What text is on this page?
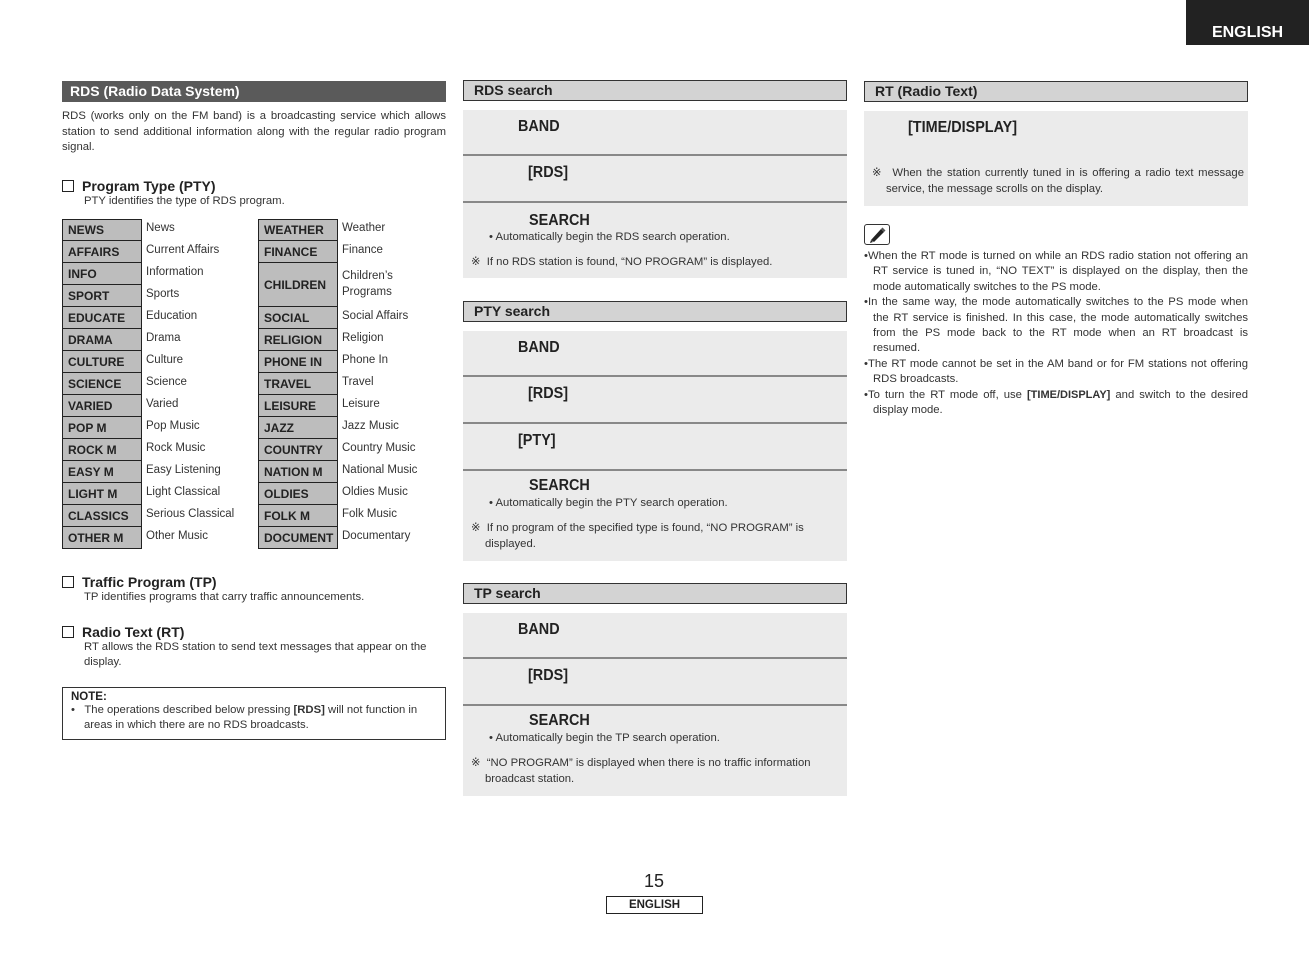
ENGLISH
RDS (Radio Data System)

RDS (works only on the FM band) is a broadcasting service which allows station to send additional information along with the regular radio program signal.

Program Type (PTY)
PTY identifies the type of RDS program.
NEWS	News
AFFAIRS	Current Affairs
INFO	Information
SPORT	Sports
EDUCATE	Education
DRAMA	Drama
CULTURE	Culture
SCIENCE	Science
VARIED	Varied
POP M	Pop Music
ROCK M	Rock Music
EASY M	Easy Listening
LIGHT M	Light Classical
CLASSICS	Serious Classical
OTHER M	Other Music
WEATHER	Weather
FINANCE	Finance
CHILDREN
Children’s Programs
SOCIAL	Social Affairs
RELIGION	Religion
PHONE IN	Phone In
TRAVEL	Travel
LEISURE	Leisure
JAZZ	Jazz Music
COUNTRY	Country Music
NATION M	National Music
OLDIES	Oldies Music
FOLK M	Folk Music
DOCUMENT Documentary
Traffic Program (TP)
TP identifies programs that carry traffic announcements.
Radio Text (RT)
RT allows the RDS station to send text messages that appear on the display.
NOTE:
• The operations described below pressing [RDS] will not function in areas in which there are no RDS broadcasts.
RDS search
BAND
[RDS]
SEARCH
• Automatically begin the RDS search operation.
※ If no RDS station is found, “NO PROGRAM” is displayed.
PTY search
BAND
[RDS]
[PTY]
SEARCH
• Automatically begin the PTY search operation.
※ If no program of the specified type is found, “NO PROGRAM” is displayed.
TP search
BAND
[RDS]
SEARCH
• Automatically begin the TP search operation.
※ “NO PROGRAM” is displayed when there is no traffic information broadcast station.
RT (Radio Text)
[TIME/DISPLAY]
※ When the station currently tuned in is offering a radio text message service, the message scrolls on the display.
•When the RT mode is turned on while an RDS radio station not offering an RT service is tuned in, “NO TEXT” is displayed on the display, then the mode automatically switches to the PS mode.
•In the same way, the mode automatically switches to the PS mode when the RT service is finished. In this case, the mode automatically switches from the PS mode back to the RT mode when an RT broadcast is resumed.
•The RT mode cannot be set in the AM band or for FM stations not offering RDS broadcasts.
•To turn the RT mode off, use [TIME/DISPLAY] and switch to the desired display mode.
15
ENGLISH
